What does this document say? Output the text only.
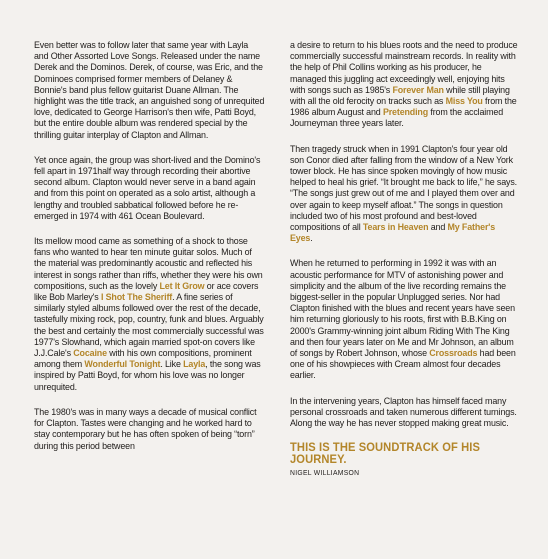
Even better was to follow later that same year with Layla and Other Assorted Love Songs. Released under the name Derek and the Dominos. Derek, of course, was Eric, and the Dominoes comprised former members of Delaney & Bonnie's band plus fellow guitarist Duane Allman. The highlight was the title track, an anguished song of unrequited love, dedicated to George Harrison's then wife, Patti Boyd, but the entire double album was rendered special by the thrilling guitar interplay of Clapton and Allman.

Yet once again, the group was short-lived and the Domino's fell apart in 1971half way through recording their abortive second album. Clapton would never serve in a band again and from this point on operated as a solo artist, although a lengthy and troubled sabbatical followed before he re-emerged in 1974 with 461 Ocean Boulevard.

Its mellow mood came as something of a shock to those fans who wanted to hear ten minute guitar solos. Much of the material was predominantly acoustic and reflected his interest in songs rather than riffs, whether they were his own compositions, such as the lovely Let It Grow or ace covers like Bob Marley's I Shot The Sheriff. A fine series of similarly styled albums followed over the rest of the decade, tastefully mixing rock, pop, country, funk and blues. Arguably the best and certainly the most commercially successful was 1977's Slowhand, which again married spot-on covers like J.J.Cale's Cocaine with his own compositions, prominent among them Wonderful Tonight. Like Layla, the song was inspired by Patti Boyd, for whom his love was no longer unrequited.

The 1980's was in many ways a decade of musical conflict for Clapton. Tastes were changing and he worked hard to stay contemporary but he has often spoken of being “torn” during this period between

a desire to return to his blues roots and the need to produce commercially successful mainstream records. In reality with the help of Phil Collins working as his producer, he managed this juggling act exceedingly well, enjoying hits with songs such as 1985's Forever Man while still playing with all the old ferocity on tracks such as Miss You from the 1986 album August and Pretending from the acclaimed Journeyman three years later.

Then tragedy struck when in 1991 Clapton's four year old son Conor died after falling from the window of a New York tower block. He has since spoken movingly of how music helped to heal his grief. “It brought me back to life,” he says. “The songs just grew out of me and I played them over and over again to keep myself afloat.” The songs in question included two of his most profound and best-loved compositions of all Tears in Heaven and My Father's Eyes.

When he returned to performing in 1992 it was with an acoustic performance for MTV of astonishing power and simplicity and the album of the live recording remains the biggest-seller in the popular Unplugged series. Nor had Clapton finished with the blues and recent years have seen him returning gloriously to his roots, first with B.B.King on 2000's Grammy-winning joint album Riding With The King and then four years later on Me and Mr Johnson, an album of songs by Robert Johnson, whose Crossroads had been one of his showpieces with Cream almost four decades earlier.

In the intervening years, Clapton has himself faced many personal crossroads and taken numerous different turnings. Along the way he has never stopped making great music.

THIS IS THE SOUNDTRACK OF HIS JOURNEY.

NIGEL WILLIAMSON
